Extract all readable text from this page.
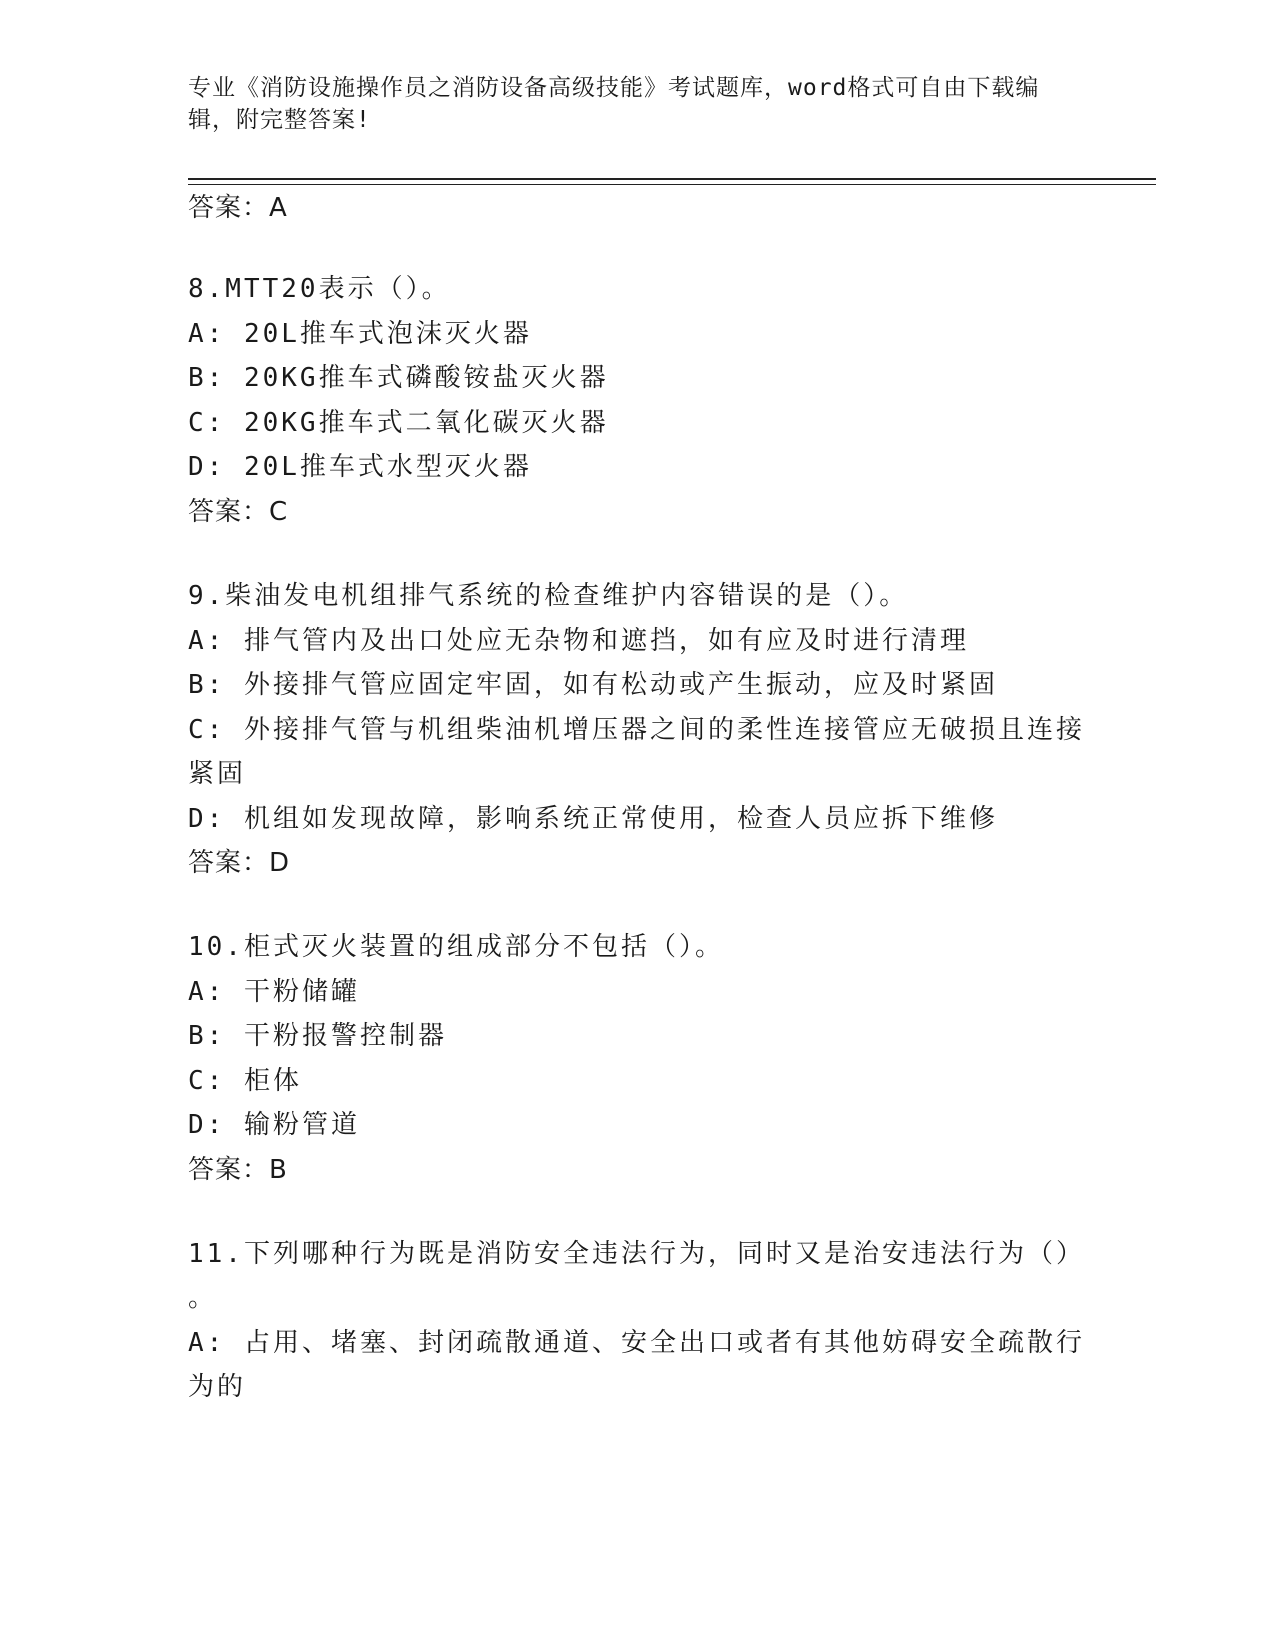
专业《消防设施操作员之消防设备高级技能》考试题库，word格式可自由下载编
辑，附完整答案!
答案：A
8.MTT20表示（）。
A: 20L推车式泡沫灭火器
B: 20KG推车式磷酸铵盐灭火器
C: 20KG推车式二氧化碳灭火器
D: 20L推车式水型灭火器
答案：C
9.柴油发电机组排气系统的检查维护内容错误的是（）。
A: 排气管内及出口处应无杂物和遮挡，如有应及时进行清理
B: 外接排气管应固定牢固，如有松动或产生振动，应及时紧固
C: 外接排气管与机组柴油机增压器之间的柔性连接管应无破损且连接
紧固
D: 机组如发现故障，影响系统正常使用，检查人员应拆下维修
答案：D
10.柜式灭火装置的组成部分不包括（）。
A: 干粉储罐
B: 干粉报警控制器
C: 柜体
D: 输粉管道
答案：B
11.下列哪种行为既是消防安全违法行为，同时又是治安违法行为（）
。
A: 占用、堵塞、封闭疏散通道、安全出口或者有其他妨碍安全疏散行
为的
